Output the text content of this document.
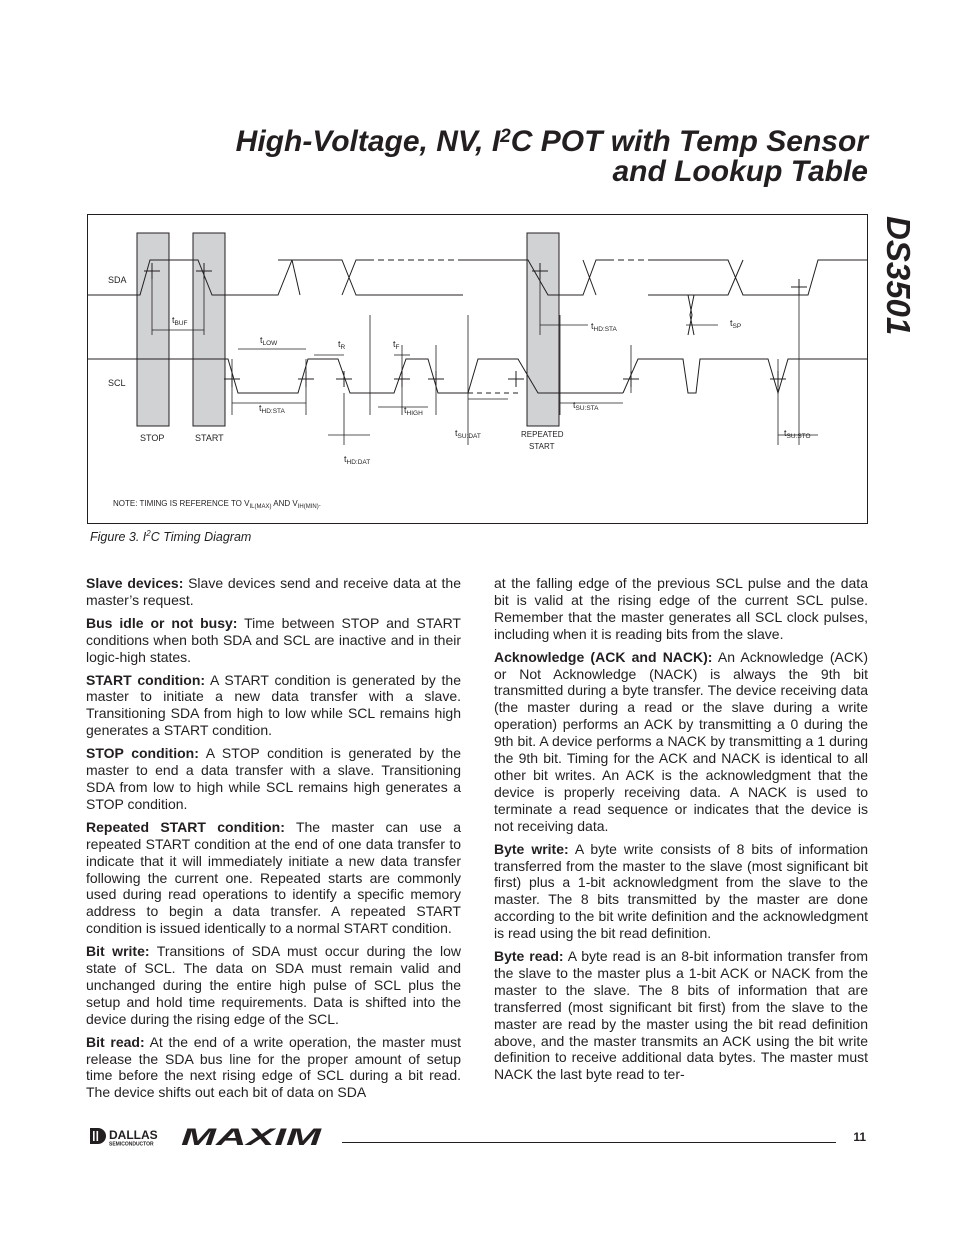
High-Voltage, NV, $I^2C$ POT with Temp Sensor
and Lookup Table
DS3501
SDA
SCL
STOP	START	REPEATED
START
$t_{BUF}$
$t_{LOW}$	$t_R$	$t_F$
$t_{HD:STA}$	$t_{HIGH}$
$t_{HD:DAT}$
$t_{SU:DAT}$
$t_{HD:STA}$
$t_{SU:STA}$
$t_{SP}$
$t_{SU:STO}$
NOTE: TIMING IS REFERENCE TO $V_{IL(MAX)}$ AND $V_{IH(MIN)}$.
Figure 3. $I^2C$ Timing Diagram

Slave devices: Slave devices send and receive data at the master’s request.

Bus idle or not busy: Time between STOP and START conditions when both SDA and SCL are inactive and in their logic-high states.

START condition: A START condition is generated by the master to initiate a new data transfer with a slave. Transitioning SDA from high to low while SCL remains high generates a START condition.

STOP condition: A STOP condition is generated by the master to end a data transfer with a slave. Transitioning SDA from low to high while SCL remains high generates a STOP condition.

Repeated START condition: The master can use a repeated START condition at the end of one data transfer to indicate that it will immediately initiate a new data transfer following the current one. Repeated starts are commonly used during read operations to identify a specific memory address to begin a data transfer. A repeated START condition is issued identically to a normal START condition.

Bit write: Transitions of SDA must occur during the low state of SCL. The data on SDA must remain valid and unchanged during the entire high pulse of SCL plus the setup and hold time requirements. Data is shifted into the device during the rising edge of the SCL.

Bit read: At the end of a write operation, the master must release the SDA bus line for the proper amount of setup time before the next rising edge of SCL during a bit read. The device shifts out each bit of data on SDA

at the falling edge of the previous SCL pulse and the data bit is valid at the rising edge of the current SCL pulse. Remember that the master generates all SCL clock pulses, including when it is reading bits from the slave.

Acknowledge (ACK and NACK): An Acknowledge (ACK) or Not Acknowledge (NACK) is always the 9th bit transmitted during a byte transfer. The device receiving data (the master during a read or the slave during a write operation) performs an ACK by transmitting a 0 during the 9th bit. A device performs a NACK by transmitting a 1 during the 9th bit. Timing for the ACK and NACK is identical to all other bit writes. An ACK is the acknowledgment that the device is properly receiving data. A NACK is used to terminate a read sequence or indicates that the device is not receiving data.

Byte write: A byte write consists of 8 bits of information transferred from the master to the slave (most significant bit first) plus a 1-bit acknowledgment from the slave to the master. The 8 bits transmitted by the master are done according to the bit write definition and the acknowledgment is read using the bit read definition.

Byte read: A byte read is an 8-bit information transfer from the slave to the master plus a 1-bit ACK or NACK from the master to the slave. The 8 bits of information that are transferred (most significant bit first) from the slave to the master are read by the master using the bit read definition above, and the master transmits an ACK using the bit write definition to receive additional data bytes. The master must NACK the last byte read to ter-

DALLAS
SEMICONDUCTOR MAXIM	11
